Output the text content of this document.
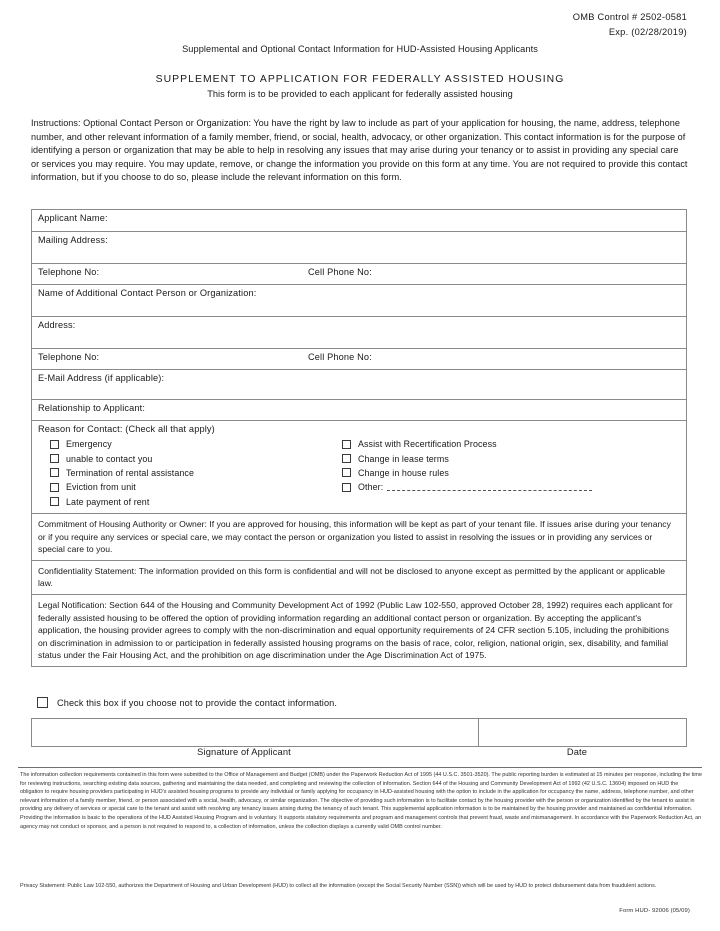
OMB Control # 2502-0581
Exp. (02/28/2019)
Supplemental and Optional Contact Information for HUD-Assisted Housing Applicants
SUPPLEMENT TO APPLICATION FOR FEDERALLY ASSISTED HOUSING
This form is to be provided to each applicant for federally assisted housing
Instructions: Optional Contact Person or Organization: You have the right by law to include as part of your application for housing, the name, address, telephone number, and other relevant information of a family member, friend, or social, health, advocacy, or other organization. This contact information is for the purpose of identifying a person or organization that may be able to help in resolving any issues that may arise during your tenancy or to assist in providing any special care or services you may require. You may update, remove, or change the information you provide on this form at any time. You are not required to provide this contact information, but if you choose to do so, please include the relevant information on this form.
Applicant Name:
Mailing Address:
Telephone No:	Cell Phone No:
Name of Additional Contact Person or Organization:
Address:
Telephone No:	Cell Phone No:
E-Mail Address (if applicable):
Relationship to Applicant:
Reason for Contact: (Check all that apply)
Emergency
unable to contact you
Termination of rental assistance
Eviction from unit
Late payment of rent
Assist with Recertification Process
Change in lease terms
Change in house rules
Other:
Commitment of Housing Authority or Owner: If you are approved for housing, this information will be kept as part of your tenant file. If issues arise during your tenancy or if you require any services or special care, we may contact the person or organization you listed to assist in resolving the issues or in providing any services or special care to you.
Confidentiality Statement: The information provided on this form is confidential and will not be disclosed to anyone except as permitted by the applicant or applicable law.
Legal Notification: Section 644 of the Housing and Community Development Act of 1992 (Public Law 102-550, approved October 28, 1992) requires each applicant for federally assisted housing to be offered the option of providing information regarding an additional contact person or organization. By accepting the applicant's application, the housing provider agrees to comply with the non-discrimination and equal opportunity requirements of 24 CFR section 5.105, including the prohibitions on discrimination in admission to or participation in federally assisted housing programs on the basis of race, color, religion, national origin, sex, disability, and familial status under the Fair Housing Act, and the prohibition on age discrimination under the Age Discrimination Act of 1975.
Check this box if you choose not to provide the contact information.
Signature of Applicant	Date
The information collection requirements contained in this form were submitted to the Office of Management and Budget (OMB) under the Paperwork Reduction Act of 1995 (44 U.S.C. 3501-3520). The public reporting burden is estimated at 15 minutes per response, including the time for reviewing instructions, searching existing data sources, gathering and maintaining the data needed, and completing and reviewing the collection of information. Section 644 of the Housing and Community Development Act of 1992 (42 U.S.C. 13604) imposed on HUD the obligation to require housing providers participating in HUD's assisted housing programs to provide any individual or family applying for occupancy in HUD-assisted housing with the option to include in the application for occupancy the name, address, telephone number, and other relevant information of a family member, friend, or person associated with a social, health, advocacy, or similar organization. The objective of providing such information is to facilitate contact by the housing provider with the person or organization identified by the tenant to assist in providing any delivery of services or special care to the tenant and assist with resolving any tenancy issues arising during the tenancy of such tenant. This supplemental application information is to be maintained by the housing provider and maintained as confidential information. Providing the information is basic to the operations of the HUD Assisted Housing Program and is voluntary. It supports statutory requirements and program and management controls that prevent fraud, waste and mismanagement. In accordance with the Paperwork Reduction Act, an agency may not conduct or sponsor, and a person is not required to respond to, a collection of information, unless the collection displays a currently valid OMB control number.
Privacy Statement: Public Law 102-550, authorizes the Department of Housing and Urban Development (HUD) to collect all the information (except the Social Security Number (SSN)) which will be used by HUD to protect disbursement data from fraudulent actions.
Form HUD- 92006 (05/09)
